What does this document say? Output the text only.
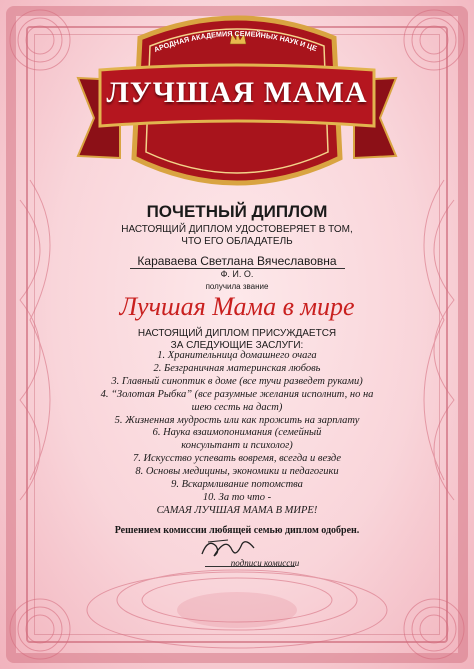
АРОДНАЯ АКАДЕМИЯ СЕМЕЙНЫХ НАУК И ЦЕ
ЛУЧШАЯ МАМА
ПОЧЕТНЫЙ ДИПЛОМ
НАСТОЯЩИЙ ДИПЛОМ УДОСТОВЕРЯЕТ В ТОМ,
ЧТО ЕГО ОБЛАДАТЕЛЬ
Караваева Светлана Вячеславовна
Ф. И. О.
получила звание
Лучшая Мама в мире
НАСТОЯЩИЙ ДИПЛОМ ПРИСУЖДАЕТСЯ
ЗА СЛЕДУЮЩИЕ ЗАСЛУГИ:
1. Хранительница домашнего очага
2. Безграничная материнская любовь
3. Главный синоптик в доме (все тучи разведет руками)
4. “Золотая Рыбка” (все разумные желания исполнит, но на
шею сесть на даст)
5. Жизненная мудрость или как прожить на зарплату
6. Наука взаимопонимания (семейный
консультант и психолог)
7. Искусство успевать вовремя, всегда и везде
8. Основы медицины, экономики и педагогики
9. Вскармливание потомства
10. За то что -
САМАЯ ЛУЧШАЯ МАМА В МИРЕ!
Решением комиссии любящей семью диплом одобрен.
подписи комиссии
